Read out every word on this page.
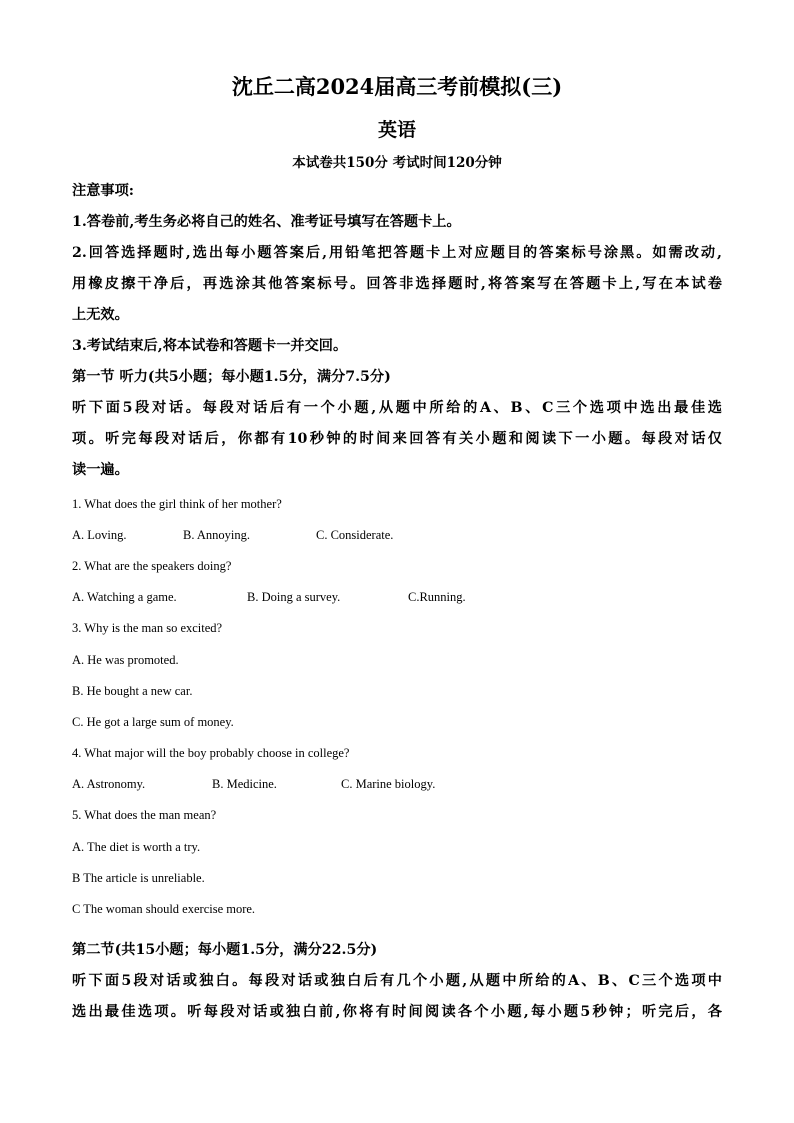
沈丘二高2024届高三考前模拟(三)
英语
本试卷共150分 考试时间120分钟
注意事项:
1.答卷前,考生务必将自己的姓名、准考证号填写在答题卡上。
2.回答选择题时,选出每小题答案后,用铅笔把答题卡上对应题目的答案标号涂黑。如需改动,
用橡皮擦干净后，再选涂其他答案标号。回答非选择题时,将答案写在答题卡上,写在本试卷
上无效。
3.考试结束后,将本试卷和答题卡一并交回。
第一节 听力(共5小题；每小题1.5分，满分7.5分)
听下面5段对话。每段对话后有一个小题,从题中所给的A、B、C三个选项中选出最佳选
项。听完每段对话后，你都有10秒钟的时间来回答有关小题和阅读下一小题。每段对话仅
读一遍。
1. What does the girl think of her mother?
A. Loving.	B. Annoying.	C. Considerate.
2. What are the speakers doing?
A. Watching a game.	B. Doing a survey.	C.Running.
3. Why is the man so excited?
A. He was promoted.
B. He bought a new car.
C. He got a large sum of money.
4. What major will the boy probably choose in college?
A. Astronomy.	B. Medicine.	C. Marine biology.
5. What does the man mean?
A. The diet is worth a try.
B The article is unreliable.
C The woman should exercise more.
第二节(共15小题；每小题1.5分，满分22.5分)
听下面5段对话或独白。每段对话或独白后有几个小题,从题中所给的A、B、C三个选项中
选出最佳选项。听每段对话或独白前,你将有时间阅读各个小题,每小题5秒钟；听完后，各
